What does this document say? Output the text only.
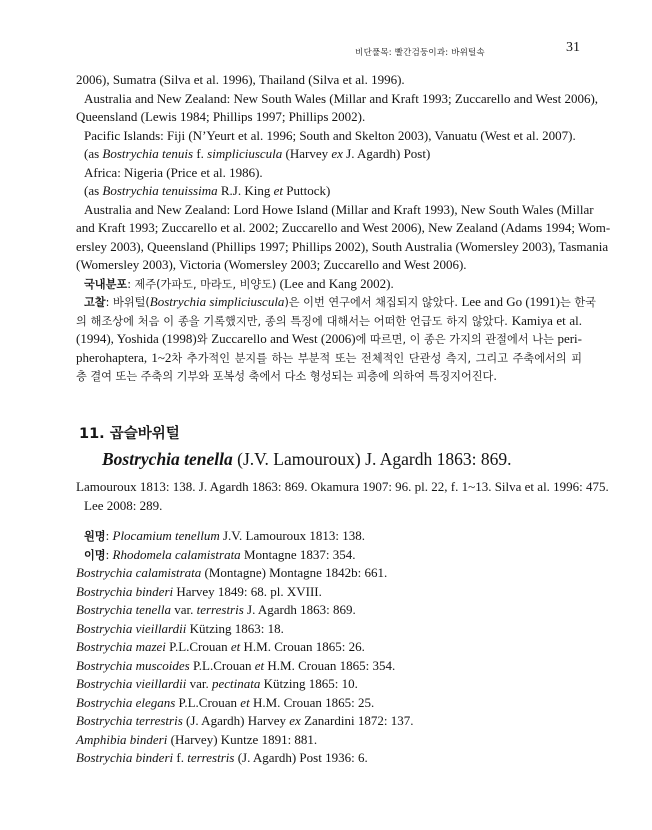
비단풀목: 빨간검둥이과: 바위털속	31
2006), Sumatra (Silva et al. 1996), Thailand (Silva et al. 1996).
Australia and New Zealand: New South Wales (Millar and Kraft 1993; Zuccarello and West 2006),
Queensland (Lewis 1984; Phillips 1997; Phillips 2002).
Pacific Islands: Fiji (N’Yeurt et al. 1996; South and Skelton 2003), Vanuatu (West et al. 2007).
(as Bostrychia tenuis f. simpliciuscula (Harvey ex J. Agardh) Post)
Africa: Nigeria (Price et al. 1986).
(as Bostrychia tenuissima R.J. King et Puttock)
Australia and New Zealand: Lord Howe Island (Millar and Kraft 1993), New South Wales (Millar
and Kraft 1993; Zuccarello et al. 2002; Zuccarello and West 2006), New Zealand (Adams 1994; Wom-
ersley 2003), Queensland (Phillips 1997; Phillips 2002), South Australia (Womersley 2003), Tasmania
(Womersley 2003), Victoria (Womersley 2003; Zuccarello and West 2006).
국내분포: 제주(가파도, 마라도, 비양도) (Lee and Kang 2002).
고찰: 바위털(Bostrychia simpliciuscula)은 이번 연구에서 채집되지 않았다. Lee and Go (1991)는 한국
의 해조상에 처음 이 종을 기록했지만, 종의 특징에 대해서는 어떠한 언급도 하지 않았다. Kamiya et al.
(1994), Yoshida (1998)와 Zuccarello and West (2006)에 따르면, 이 종은 가지의 관절에서 나는 peri-
pherohaptera, 1~2차 추가적인 분지를 하는 부분적 또는 전체적인 단관성 측지, 그리고 주축에서의 피
층 결여 또는 주축의 기부와 포복성 축에서 다소 형성되는 피층에 의하여 특징지어진다.
11. 곱슬바위털
Bostrychia tenella (J.V. Lamouroux) J. Agardh 1863: 869.
Lamouroux 1813: 138. J. Agardh 1863: 869. Okamura 1907: 96. pl. 22, f. 1~13. Silva et al. 1996: 475.
Lee 2008: 289.
원명: Plocamium tenellum J.V. Lamouroux 1813: 138.
이명: Rhodomela calamistrata Montagne 1837: 354.
Bostrychia calamistrata (Montagne) Montagne 1842b: 661.
Bostrychia binderi Harvey 1849: 68. pl. XVIII.
Bostrychia tenella var. terrestris J. Agardh 1863: 869.
Bostrychia vieillardii Kützing 1863: 18.
Bostrychia mazei P.L.Crouan et H.M. Crouan 1865: 26.
Bostrychia muscoides P.L.Crouan et H.M. Crouan 1865: 354.
Bostrychia vieillardii var. pectinata Kützing 1865: 10.
Bostrychia elegans P.L.Crouan et H.M. Crouan 1865: 25.
Bostrychia terrestris (J. Agardh) Harvey ex Zanardini 1872: 137.
Amphibia binderi (Harvey) Kuntze 1891: 881.
Bostrychia binderi f. terrestris (J. Agardh) Post 1936: 6.
